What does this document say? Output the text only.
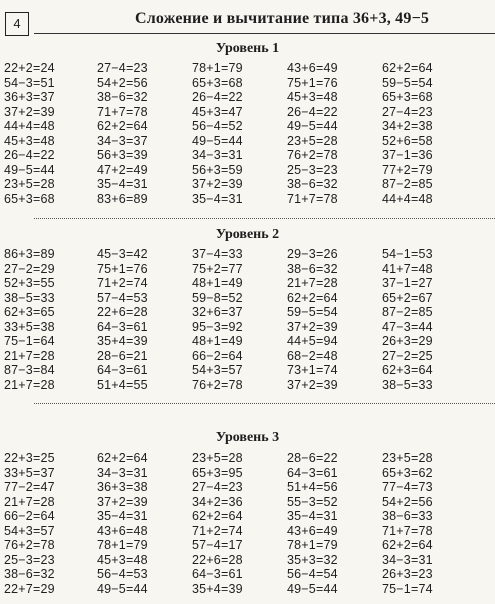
4	Сложение и вычитание типа 36+3, 49−5
Уровень 1
22+2=24
54−3=51
36+3=37
37+2=39
44+4=48
45+3=48
26−4=22
49−5=44
23+5=28
65+3=68
27−4=23
54+2=56
38−6=32
71+7=78
62+2=64
34−3=37
56+3=39
47+2=49
35−4=31
83+6=89
78+1=79
65+3=68
26−4=22
45+3=47
56−4=52
49−5=44
34−3=31
56+3=59
37+2=39
35−4=31
43+6=49
75+1=76
45+3=48
26−4=22
49−5=44
23+5=28
76+2=78
25−3=23
38−6=32
71+7=78
62+2=64
59−5=54
65+3=68
27−4=23
34+2=38
52+6=58
37−1=36
77+2=79
87−2=85
44+4=48
Уровень 2
86+3=89
27−2=29
52+3=55
38−5=33
62+3=65
33+5=38
75−1=64
21+7=28
87−3=84
21+7=28
45−3=42
75+1=76
71+2=74
57−4=53
22+6=28
64−3=61
35+4=39
28−6=21
64−3=61
51+4=55
37−4=33
75+2=77
48+1=49
59−8=52
32+6=37
95−3=92
48+1=49
66−2=64
54+3=57
76+2=78
29−3=26
38−6=32
21+7=28
62+2=64
59−5=54
37+2=39
44+5=94
68−2=48
73+1=74
37+2=39
54−1=53
41+7=48
37−1=27
65+2=67
87−2=85
47−3=44
26+3=29
27−2=25
62+3=64
38−5=33
Уровень 3
22+3=25
33+5=37
77−2=47
21+7=28
66−2=64
54+3=57
76+2=78
25−3=23
38−6=32
22+7=29
62+2=64
34−3=31
36+3=38
37+2=39
35−4=31
43+6=48
78+1=79
45+3=48
56−4=53
49−5=44
23+5=28
65+3=95
27−4=23
34+2=36
62+2=64
71+2=74
57−4=17
22+6=28
64−3=61
35+4=39
28−6=22
64−3=61
51+4=56
55−3=52
35−4=31
43+6=49
78+1=79
35+3=32
56−4=54
49−5=44
23+5=28
65+3=62
77−4=73
54+2=56
38−6=33
71+7=78
62+2=64
34−3=31
26+3=23
75−1=74
